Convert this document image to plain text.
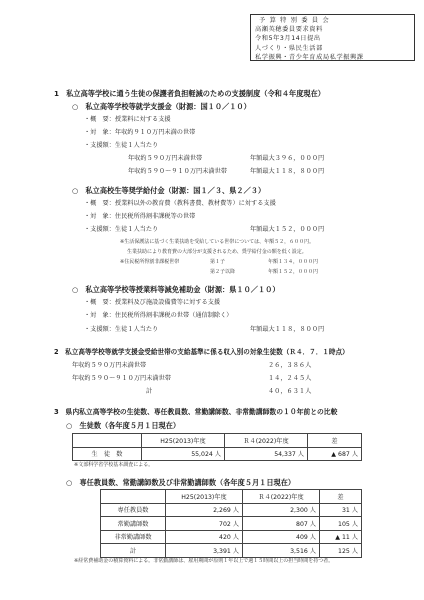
予算特別委員会
高瀬英穂委員要求資料
令和5年3月14日提出
人づくり・県民生活部
私学振興・青少年育成局私学振興課
1　私立高等学校に通う生徒の保護者負担軽減のための支援制度（令和４年度現在）
○　私立高等学校等就学支援金（財源：国１０／１０）
・概　要：授業料に対する支援
・対　象：年収約９１０万円未満の世帯
・支援額：生徒１人当たり
年収約５９０万円未満世帯	年額最大３９６，０００円
年収約５９０～９１０万円未満世帯	年額最大１１８，８００円
○　私立高校生等奨学給付金（財源：国１／３、県２／３）
・概　要：授業料以外の教育費（教科書費、教材費等）に対する支援
・対　象：住民税所得割非課税等の世帯
・支援額：生徒１人当たり	年額最大１５２，０００円
※生活保護法に基づく生業扶助を受給している世帯については、年額５２，６００円。
生業扶助により教育費の大部分が支援されるため、奨学給付金の額を低く設定。
※住民税所得割非課税世帯	第１子	年額１３４，０００円
第２子以降	年額１５２，０００円
○　私立高等学校等授業料等減免補助金（財源：県１０／１０）
・概　要：授業料及び施設設備費等に対する支援
・対　象：住民税所得割非課税の世帯（通信制除く）
・支援額：生徒１人当たり	年額最大１１８，８００円
2　私立高等学校等就学支援金受給世帯の支給基準に係る収入別の対象生徒数（Ｒ４．７．１時点）
年収約５９０万円未満世帯	２６，３８６人
年収約５９０～９１０万円未満世帯	１４，２４５人
計	４０，６３１人
3　県内私立高等学校の生徒数、専任教員数、常勤講師数、非常勤講師数の１０年前との比較
○　生徒数（各年度５月１日現在）
	H25(2013)年度	Ｒ４(2022)年度	差
生　徒　数	55,024 人	54,337 人	▲ 687 人
※文部科学省学校基本調査による。
○　専任教員数、常勤講師数及び非常勤講師数（各年度５月１日現在）
	H25(2013)年度	Ｒ４(2022)年度	差
専任教員数	2,269 人	2,300 人	31 人
常勤講師数	702 人	807 人	105 人
非常勤講師数	420 人	409 人	▲ 11 人
計	3,391 人	3,516 人	125 人
※経常費補助金の積算資料による。非常勤講師は、雇用期間が原則１年以上で週１５時間以上の担当時間を持つ者。
